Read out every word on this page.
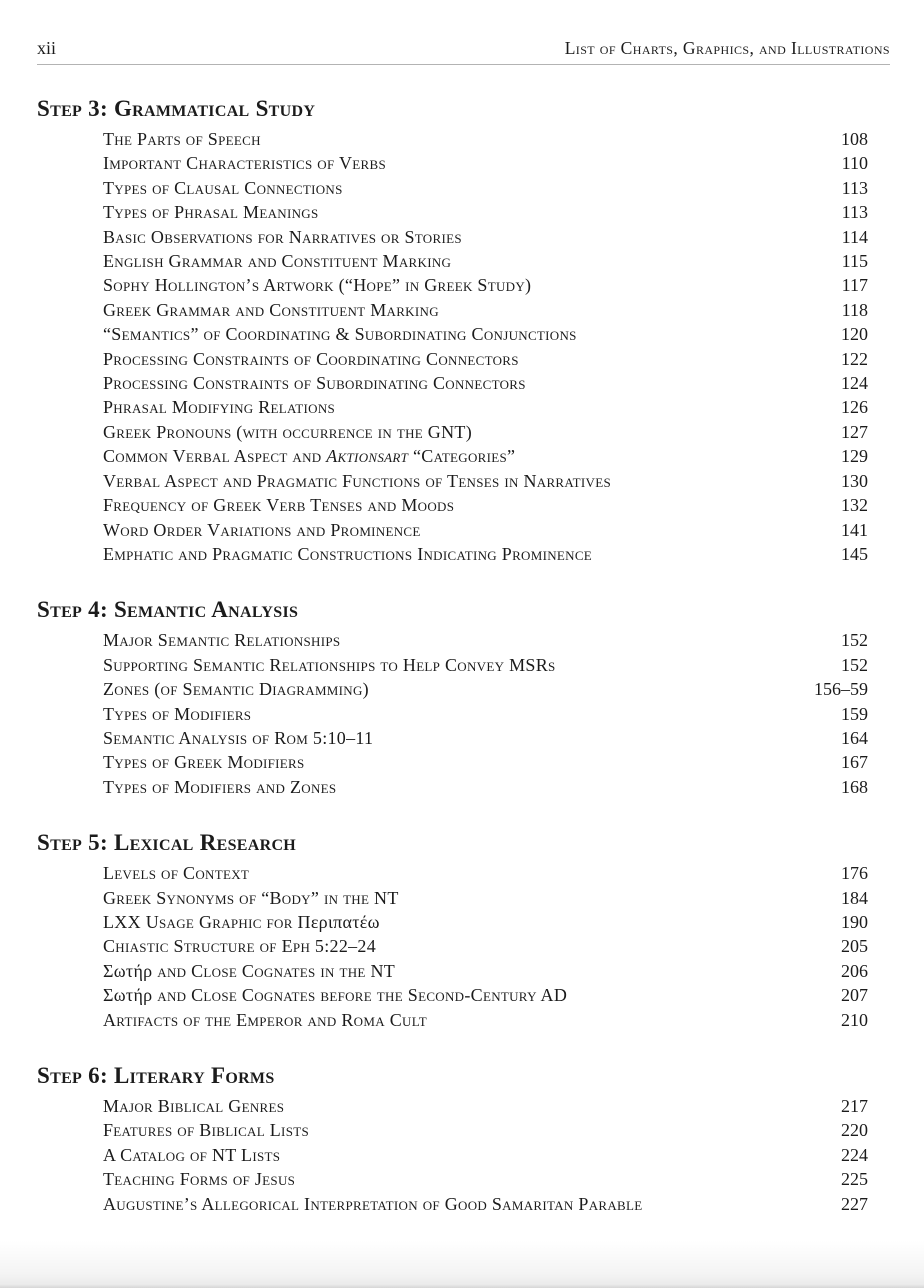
xii	List of Charts, Graphics, and Illustrations
Step 3: Grammatical Study
The Parts of Speech	108
Important Characteristics of Verbs	110
Types of Clausal Connections	113
Types of Phrasal Meanings	113
Basic Observations for Narratives or Stories	114
English Grammar and Constituent Marking	115
Sophy Hollington’s Artwork (“Hope” in Greek Study)	117
Greek Grammar and Constituent Marking	118
“Semantics” of Coordinating & Subordinating Conjunctions	120
Processing Constraints of Coordinating Connectors	122
Processing Constraints of Subordinating Connectors	124
Phrasal Modifying Relations	126
Greek Pronouns (with occurrence in the GNT)	127
Common Verbal Aspect and Aktionsart “Categories”	129
Verbal Aspect and Pragmatic Functions of Tenses in Narratives	130
Frequency of Greek Verb Tenses and Moods	132
Word Order Variations and Prominence	141
Emphatic and Pragmatic Constructions Indicating Prominence	145
Step 4: Semantic Analysis
Major Semantic Relationships	152
Supporting Semantic Relationships to Help Convey MSRs	152
Zones (of Semantic Diagramming)	156–59
Types of Modifiers	159
Semantic Analysis of Rom 5:10–11	164
Types of Greek Modifiers	167
Types of Modifiers and Zones	168
Step 5: Lexical Research
Levels of Context	176
Greek Synonyms of “Body” in the NT	184
LXX Usage Graphic for Περιπατέω	190
Chiastic Structure of Eph 5:22–24	205
Σωτήρ and Close Cognates in the NT	206
Σωτήρ and Close Cognates before the Second-Century AD	207
Artifacts of the Emperor and Roma Cult	210
Step 6: Literary Forms
Major Biblical Genres	217
Features of Biblical Lists	220
A Catalog of NT Lists	224
Teaching Forms of Jesus	225
Augustine’s Allegorical Interpretation of Good Samaritan Parable	227
